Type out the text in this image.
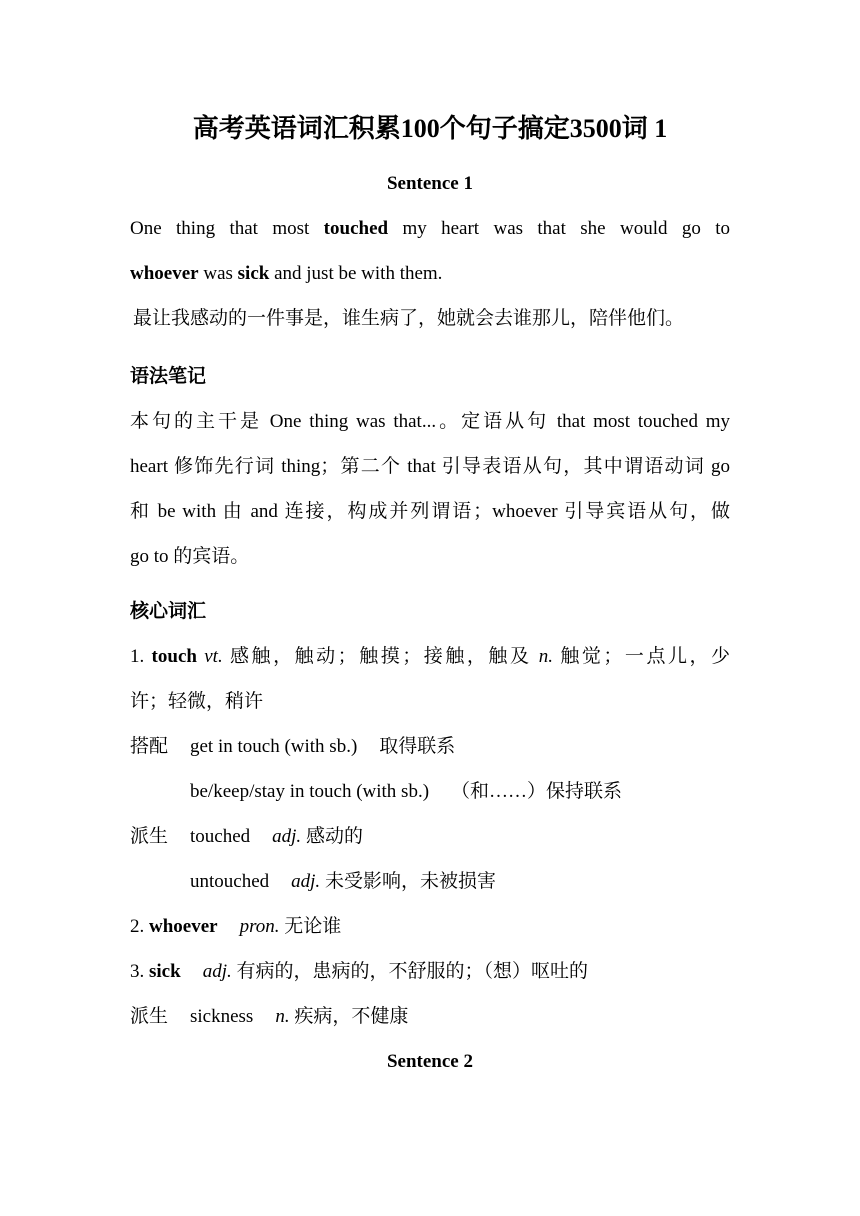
高考英语词汇积累100个句子搞定3500词 1
Sentence 1
One thing that most touched my heart was that she would go to
whoever was sick and just be with them.
最让我感动的一件事是，谁生病了，她就会去谁那儿，陪伴他们。
语法笔记
本句的主干是 One thing was that...。定语从句 that most touched my
heart 修饰先行词 thing；第二个 that 引导表语从句，其中谓语动词 go
和 be with 由 and 连接，构成并列谓语；whoever 引导宾语从句，做
go to 的宾语。
核心词汇
1. touch vt. 感触，触动；触摸；接触，触及 n. 触觉；一点儿，少
许；轻微，稍许
搭配 get in touch (with sb.) 取得联系
be/keep/stay in touch (with sb.) （和……）保持联系
派生 touched adj. 感动的
untouched adj. 未受影响，未被损害
2. whoever pron. 无论谁
3. sick adj. 有病的，患病的，不舒服的；（想）呕吐的
派生 sickness n. 疾病，不健康
Sentence 2
